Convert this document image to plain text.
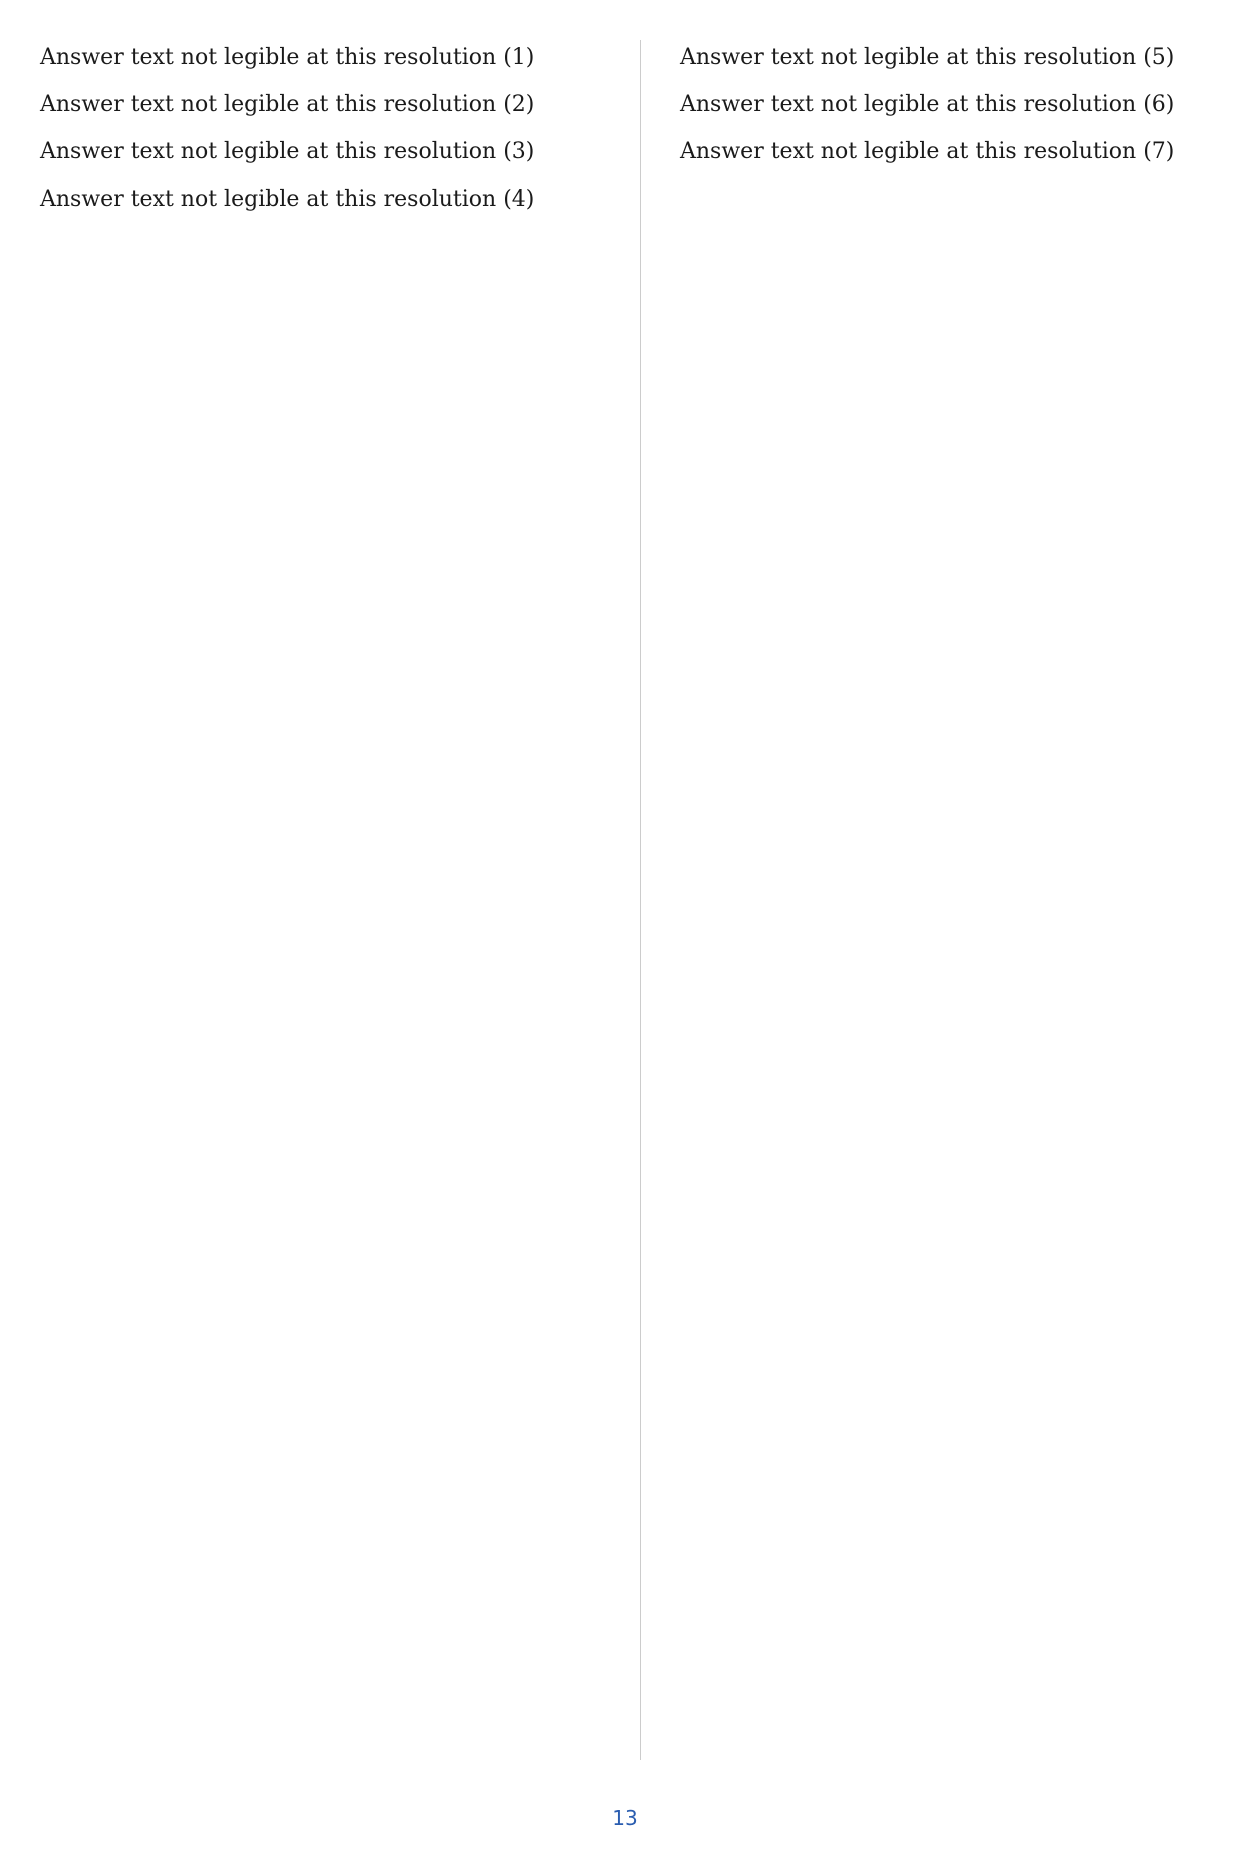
Answer text not legible at this resolution (1)
Answer text not legible at this resolution (2)
Answer text not legible at this resolution (3)
Answer text not legible at this resolution (4)
Answer text not legible at this resolution (5)
Answer text not legible at this resolution (6)
Answer text not legible at this resolution (7)
13
